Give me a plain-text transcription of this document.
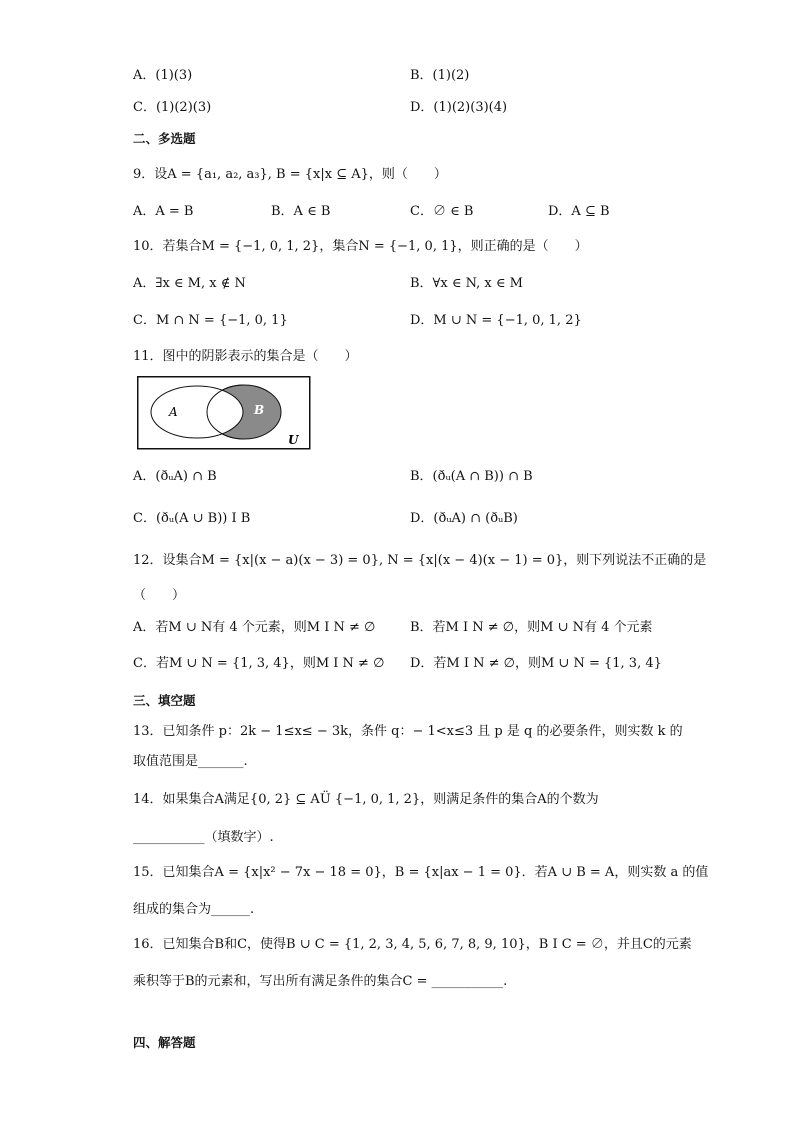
A．(1)(3)	B．(1)(2)
C．(1)(2)(3)	D．(1)(2)(3)(4)
二、多选题
9．设A = {a₁, a₂, a₃}, B = {x|x ⊆ A}，则（　　）
A．A = B	B．A ∈ B	C．∅ ∈ B	D．A ⊆ B
10．若集合M = {−1, 0, 1, 2}，集合N = {−1, 0, 1}，则正确的是（　　）
A．∃x ∈ M, x ∉ N	B．∀x ∈ N, x ∈ M
C．M ∩ N = {−1, 0, 1}	D．M ∪ N = {−1, 0, 1, 2}
11．图中的阴影表示的集合是（　　）
A	B
U
A．(ðᵤA) ∩ B	B．(ðᵤ(A ∩ B)) ∩ B
C．(ðᵤ(A ∪ B)) I B	D．(ðᵤA) ∩ (ðᵤB)
12．设集合M = {x|(x − a)(x − 3) = 0}, N = {x|(x − 4)(x − 1) = 0}，则下列说法不正确的是
（　　）
A．若M ∪ N有 4 个元素，则M I N ≠ ∅	B．若M I N ≠ ∅，则M ∪ N有 4 个元素
C．若M ∪ N = {1, 3, 4}，则M I N ≠ ∅ D．若M I N ≠ ∅，则M ∪ N = {1, 3, 4}
三、填空题
13．已知条件 p：2k − 1≤x≤ − 3k，条件 q：− 1<x≤3 且 p 是 q 的必要条件，则实数 k 的
取值范围是_______.
14．如果集合A满足{0, 2} ⊆ AÜ {−1, 0, 1, 2}，则满足条件的集合A的个数为
___________（填数字）.
15．已知集合A = {x|x² − 7x − 18 = 0}，B = {x|ax − 1 = 0}．若A ∪ B = A，则实数 a 的值
组成的集合为______.
16．已知集合B和C，使得B ∪ C = {1, 2, 3, 4, 5, 6, 7, 8, 9, 10}，B I C = ∅，并且C的元素
乘积等于B的元素和，写出所有满足条件的集合C = ___________.
四、解答题
